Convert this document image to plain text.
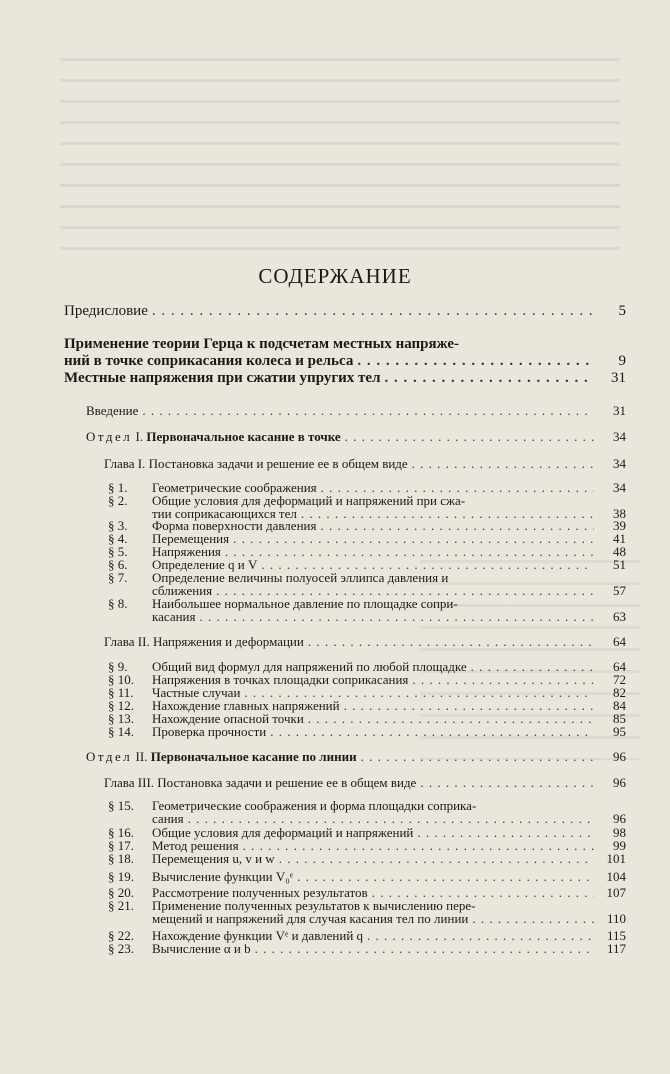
СОДЕРЖАНИЕ
Предисловие . . .	5
Применение теории Герца к подсчетам местных напряже-
ний в точке соприкасания колеса и рельса . . .	9
Местные напряжения при сжатии упругих тел . . .	31
Введение . . .	31
Отдел I. Первоначальное касание в точке . . .	34
Глава I. Постановка задачи и решение ее в общем виде . . .	34
§ 1. Геометрические соображения . . .	34
§ 2. Общие условия для деформаций и напряжений при сжа-
тии соприкасающихся тел . . .	38
§ 3. Форма поверхности давления . . .	39
§ 4. Перемещения . . .	41
§ 5. Напряжения . . .	48
§ 6. Определение q и V . . .	51
§ 7. Определение величины полуосей эллипса давления и
сближения . . .	57
§ 8. Наибольшее нормальное давление по площадке сопри-
касания . . .	63
Глава II. Напряжения и деформации . . .	64
§ 9. Общий вид формул для напряжений по любой площадке . . .	64
§ 10. Напряжения в точках площадки соприкасания . . .	72
§ 11. Частные случаи . . .	82
§ 12. Нахождение главных напряжений . . .	84
§ 13. Нахождение опасной точки . . .	85
§ 14. Проверка прочности . . .	95
Отдел II. Первоначальное касание по линии . . .	96
Глава III. Постановка задачи и решение ее в общем виде . . .	96
§ 15. Геометрические соображения и форма площадки соприка-
сания . . .	96
§ 16. Общие условия для деформаций и напряжений . . .	98
§ 17. Метод решения . . .	99
§ 18. Перемещения u, v и w . . .	101
§ 19. Вычисление функции V₀ᵉ . . .	104
§ 20. Рассмотрение полученных результатов . . .	107
§ 21. Применение полученных результатов к вычислению пере-
мещений и напряжений для случая касания тел по линии . . .	110
§ 22. Нахождение функции Vᵉ и давлений q . . .	115
§ 23. Вычисление α и b . . .	117
